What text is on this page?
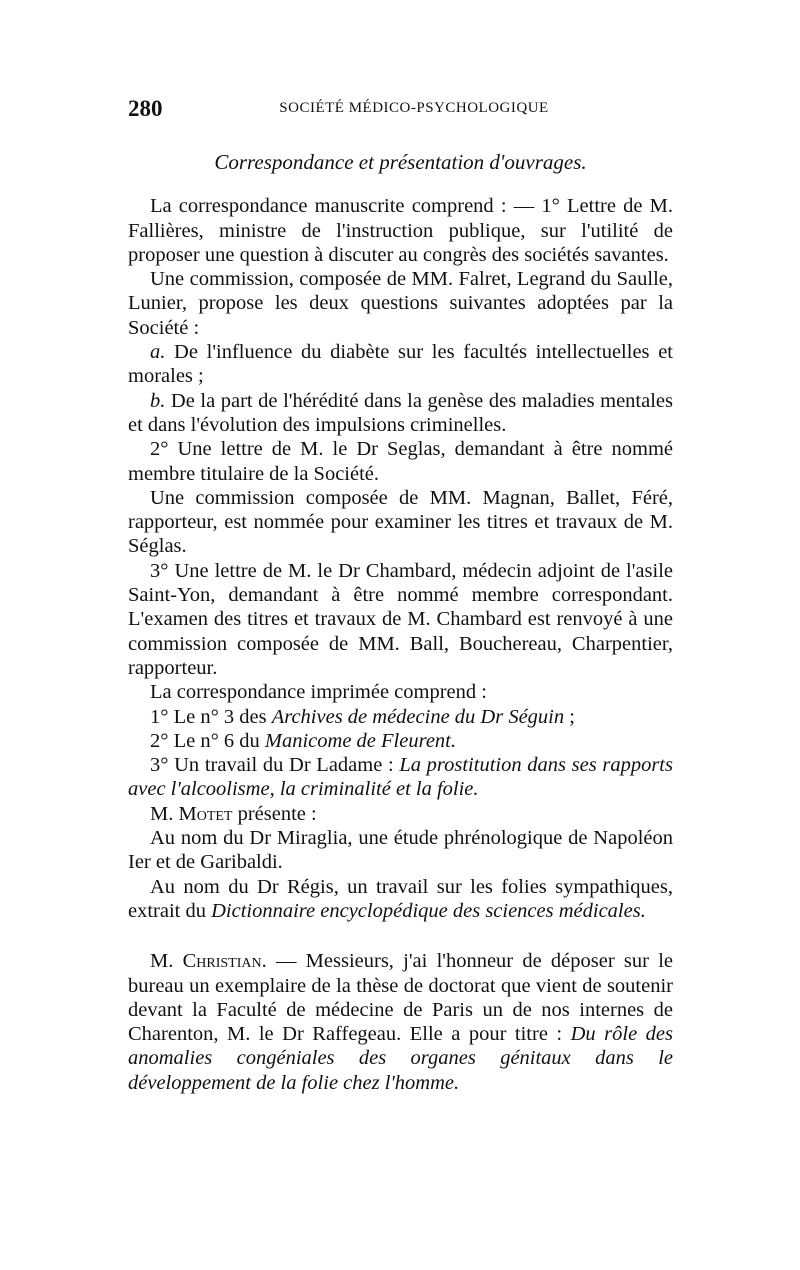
280	SOCIÉTÉ MÉDICO-PSYCHOLOGIQUE
Correspondance et présentation d'ouvrages.

La correspondance manuscrite comprend : — 1° Lettre de M. Fallières, ministre de l'instruction publique, sur l'utilité de proposer une question à discuter au congrès des sociétés savantes.

Une commission, composée de MM. Falret, Legrand du Saulle, Lunier, propose les deux questions suivantes adoptées par la Société :

a. De l'influence du diabète sur les facultés intellectuelles et morales ;

b. De la part de l'hérédité dans la genèse des maladies mentales et dans l'évolution des impulsions criminelles.

2° Une lettre de M. le Dr Seglas, demandant à être nommé membre titulaire de la Société.

Une commission composée de MM. Magnan, Ballet, Féré, rapporteur, est nommée pour examiner les titres et travaux de M. Séglas.

3° Une lettre de M. le Dr Chambard, médecin adjoint de l'asile Saint-Yon, demandant à être nommé membre correspondant. L'examen des titres et travaux de M. Chambard est renvoyé à une commission composée de MM. Ball, Bouchereau, Charpentier, rapporteur.

La correspondance imprimée comprend :

1° Le n° 3 des Archives de médecine du Dr Séguin ;

2° Le n° 6 du Manicome de Fleurent.

3° Un travail du Dr Ladame : La prostitution dans ses rapports avec l'alcoolisme, la criminalité et la folie.

M. Motet présente :

Au nom du Dr Miraglia, une étude phrénologique de Napoléon Ier et de Garibaldi.

Au nom du Dr Régis, un travail sur les folies sympathiques, extrait du Dictionnaire encyclopédique des sciences médicales.

M. Christian. — Messieurs, j'ai l'honneur de déposer sur le bureau un exemplaire de la thèse de doctorat que vient de soutenir devant la Faculté de médecine de Paris un de nos internes de Charenton, M. le Dr Raffegeau. Elle a pour titre : Du rôle des anomalies congéniales des organes génitaux dans le développement de la folie chez l'homme.
